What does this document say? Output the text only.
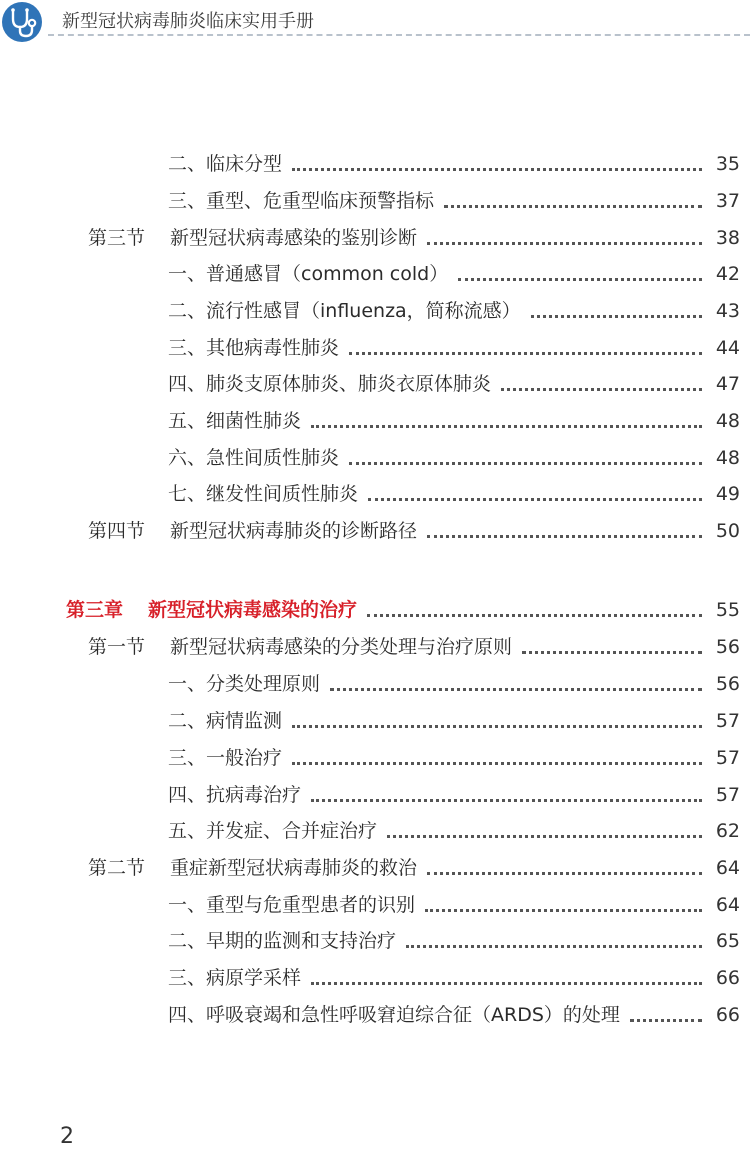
新型冠状病毒肺炎临床实用手册
二、临床分型	35
三、重型、危重型临床预警指标	37
第三节	新型冠状病毒感染的鉴别诊断	38
一、普通感冒（common cold）	42
二、流行性感冒（influenza，简称流感）	43
三、其他病毒性肺炎	44
四、肺炎支原体肺炎、肺炎衣原体肺炎	47
五、细菌性肺炎	48
六、急性间质性肺炎	48
七、继发性间质性肺炎	49
第四节	新型冠状病毒肺炎的诊断路径	50
第三章	新型冠状病毒感染的治疗	55
第一节	新型冠状病毒感染的分类处理与治疗原则	56
一、分类处理原则	56
二、病情监测	57
三、一般治疗	57
四、抗病毒治疗	57
五、并发症、合并症治疗	62
第二节	重症新型冠状病毒肺炎的救治	64
一、重型与危重型患者的识别	64
二、早期的监测和支持治疗	65
三、病原学采样	66
四、呼吸衰竭和急性呼吸窘迫综合征（ARDS）的处理	66
2
